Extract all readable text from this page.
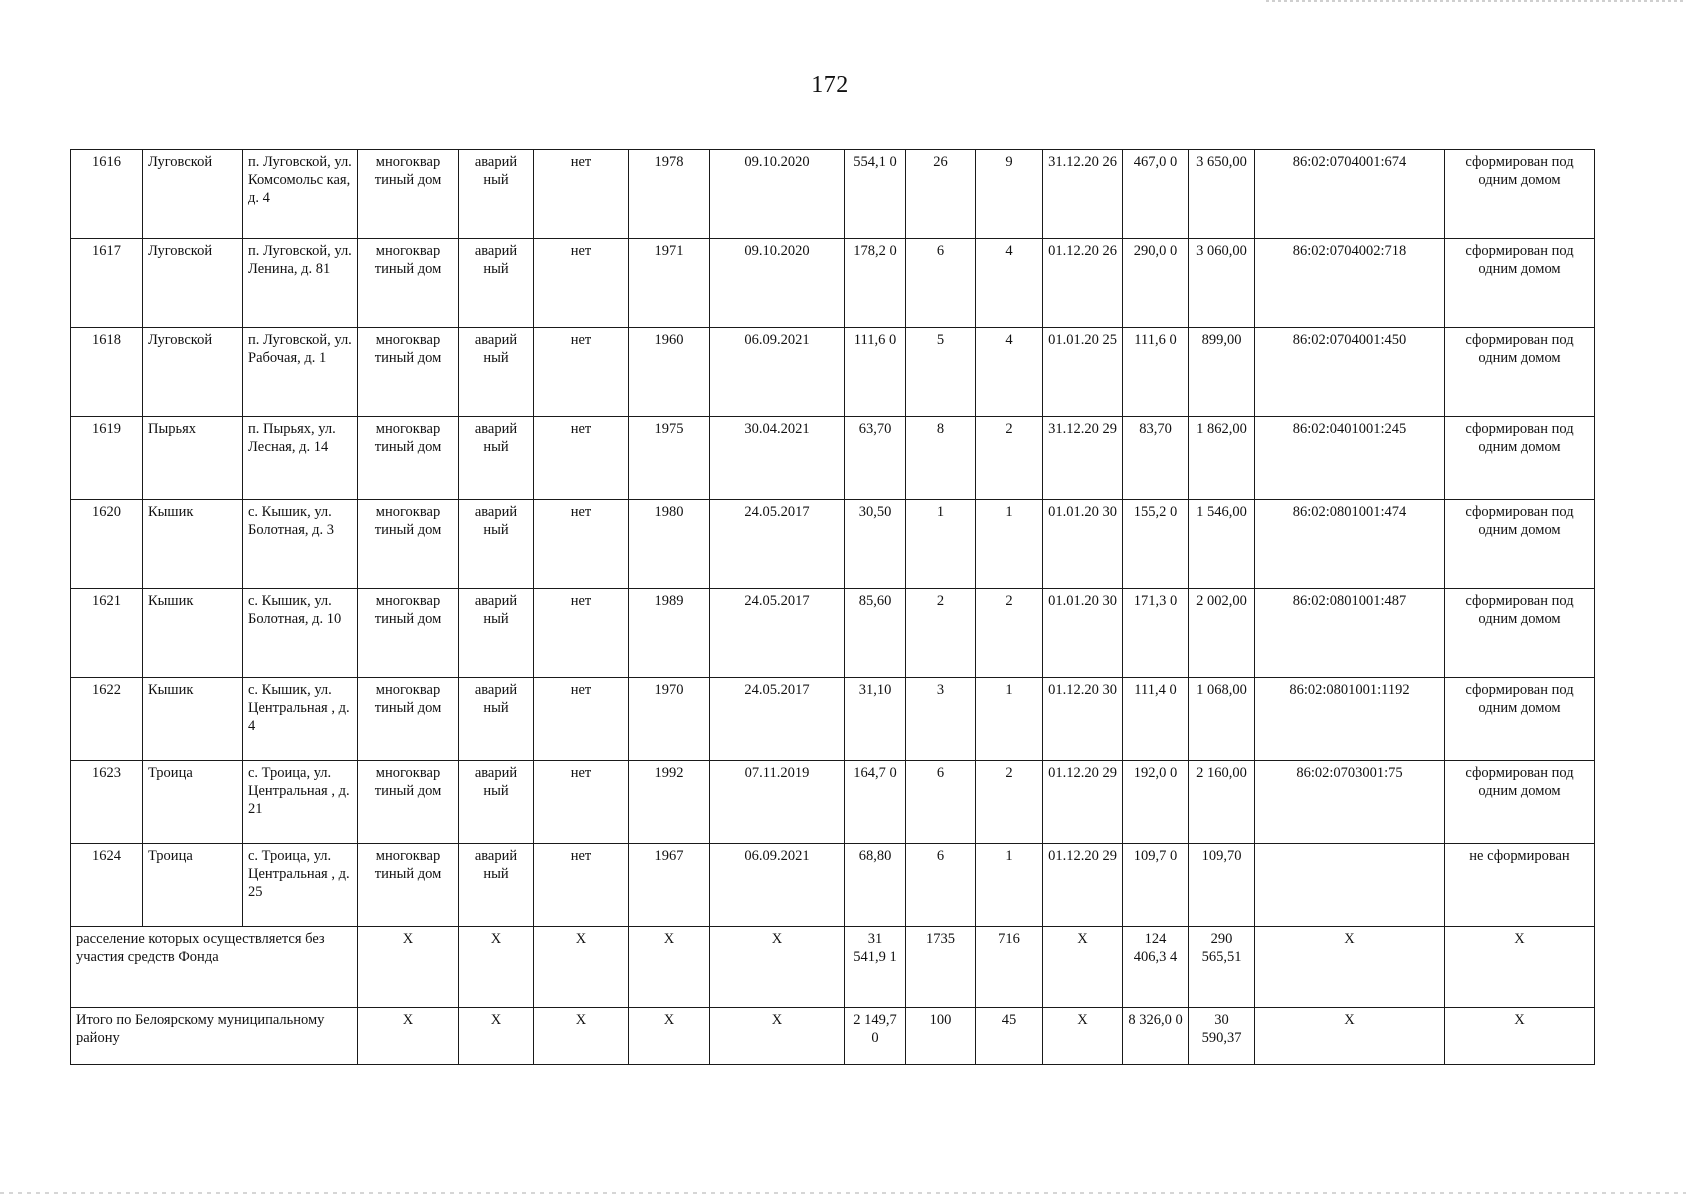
172
1616	Луговской	п. Луговской, ул. Комсомольс кая, д. 4	многоквар тиный дом	аварий ный	нет	1978	09.10.2020	554,1 0	26	9	31.12.20 26	467,0 0	3 650,00	86:02:0704001:674	сформирован под одним домом
1617	Луговской	п. Луговской, ул. Ленина, д. 81	многоквар тиный дом	аварий ный	нет	1971	09.10.2020	178,2 0	6	4	01.12.20 26	290,0 0	3 060,00	86:02:0704002:718	сформирован под одним домом
1618	Луговской	п. Луговской, ул. Рабочая, д. 1	многоквар тиный дом	аварий ный	нет	1960	06.09.2021	111,6 0	5	4	01.01.20 25	111,6 0	899,00	86:02:0704001:450	сформирован под одним домом
1619	Пырьях	п. Пырьях, ул. Лесная, д. 14	многоквар тиный дом	аварий ный	нет	1975	30.04.2021	63,70	8	2	31.12.20 29	83,70	1 862,00	86:02:0401001:245	сформирован под одним домом
1620	Кышик	с. Кышик, ул. Болотная, д. 3	многоквар тиный дом	аварий ный	нет	1980	24.05.2017	30,50	1	1	01.01.20 30	155,2 0	1 546,00	86:02:0801001:474	сформирован под одним домом
1621	Кышик	с. Кышик, ул. Болотная, д. 10	многоквар тиный дом	аварий ный	нет	1989	24.05.2017	85,60	2	2	01.01.20 30	171,3 0	2 002,00	86:02:0801001:487	сформирован под одним домом
1622	Кышик	с. Кышик, ул. Центральная , д. 4	многоквар тиный дом	аварий ный	нет	1970	24.05.2017	31,10	3	1	01.12.20 30	111,4 0	1 068,00	86:02:0801001:1192	сформирован под одним домом
1623	Троица	с. Троица, ул. Центральная , д. 21	многоквар тиный дом	аварий ный	нет	1992	07.11.2019	164,7 0	6	2	01.12.20 29	192,0 0	2 160,00	86:02:0703001:75	сформирован под одним домом
1624	Троица	с. Троица, ул. Центральная , д. 25	многоквар тиный дом	аварий ный	нет	1967	06.09.2021	68,80	6	1	01.12.20 29	109,7 0	109,70		не сформирован
расселение которых осуществляется без участия средств Фонда			Х	Х	Х	Х	Х	31 541,9 1	1735	716	Х	124 406,3 4	290 565,51	Х	Х
Итого по Белоярскому муниципальному району			Х	Х	Х	Х	Х	2 149,7 0	100	45	Х	8 326,0 0	30 590,37	Х	Х
